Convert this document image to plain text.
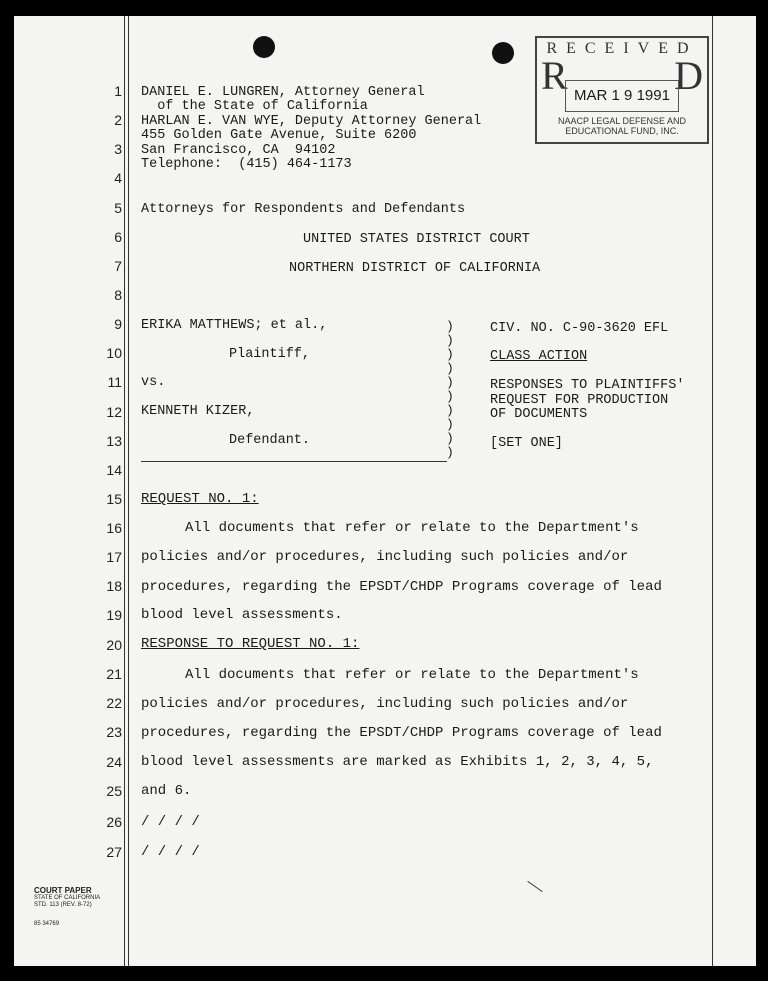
RECEIVED
R	D
MAR 1 9 1991
NAACP LEGAL DEFENSE AND
EDUCATIONAL FUND, INC.
1
2
3
4
5
6
7
8
9
10
11
12
13
14
15
16
17
18
19
20
21
22
23
24
25
26
27
DANIEL E. LUNGREN, Attorney General
of the State of California
HARLAN E. VAN WYE, Deputy Attorney General
455 Golden Gate Avenue, Suite 6200
San Francisco, CA  94102
Telephone:  (415) 464-1173
Attorneys for Respondents and Defendants
UNITED STATES DISTRICT COURT
NORTHERN DISTRICT OF CALIFORNIA
ERIKA MATTHEWS; et al.,
Plaintiff,
vs.
KENNETH KIZER,
Defendant.
)
)
)
)
)
)
)
)
)
)
CIV. NO. C-90-3620 EFL
CLASS ACTION
RESPONSES TO PLAINTIFFS'
REQUEST FOR PRODUCTION
OF DOCUMENTS
[SET ONE]
REQUEST NO. 1:
All documents that refer or relate to the Department's
policies and/or procedures, including such policies and/or
procedures, regarding the EPSDT/CHDP Programs coverage of lead
blood level assessments.
RESPONSE TO REQUEST NO. 1:
All documents that refer or relate to the Department's
policies and/or procedures, including such policies and/or
procedures, regarding the EPSDT/CHDP Programs coverage of lead
blood level assessments are marked as Exhibits 1, 2, 3, 4, 5,
and 6.
/ / / /
/ / / /
COURT PAPER
STATE OF CALIFORNIA
STD. 113 (REV. 8-72)
85 34769
